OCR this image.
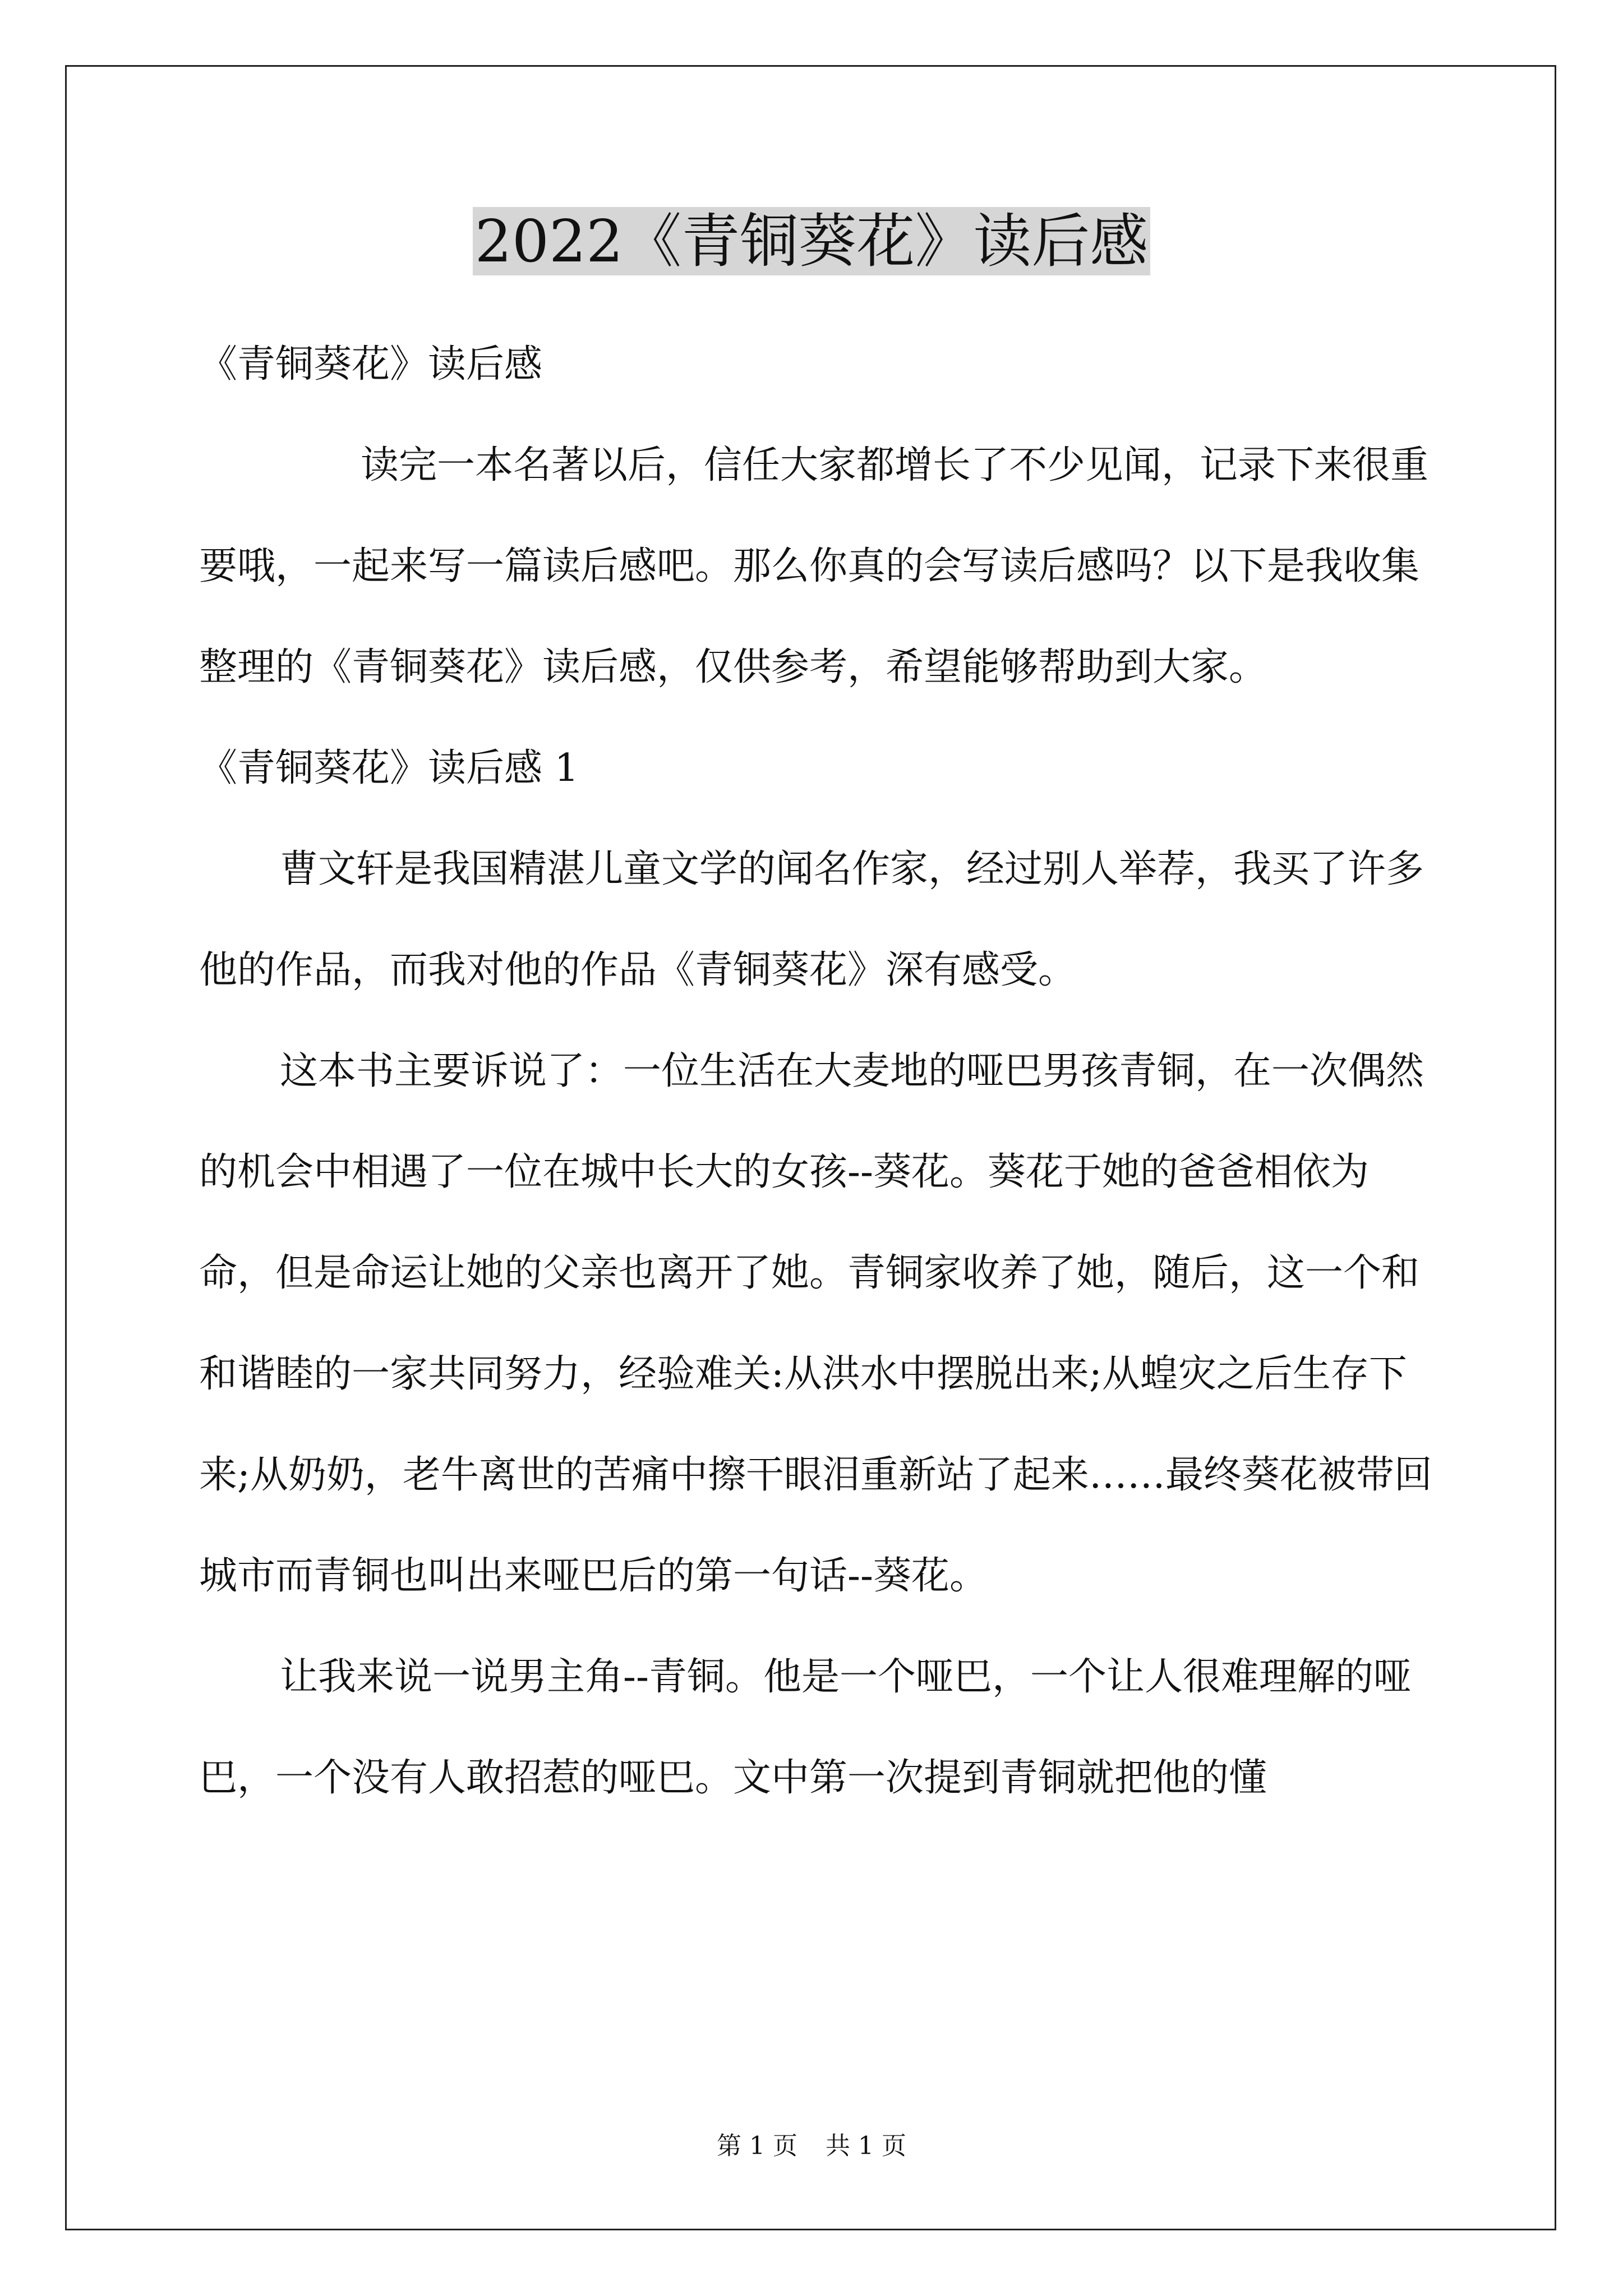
2022《青铜葵花》读后感

《青铜葵花》读后感

读完一本名著以后，信任大家都增长了不少见闻，记录下来很重要哦，一起来写一篇读后感吧。那么你真的会写读后感吗？以下是我收集整理的《青铜葵花》读后感，仅供参考，希望能够帮助到大家。

《青铜葵花》读后感 1

曹文轩是我国精湛儿童文学的闻名作家，经过别人举荐，我买了许多他的作品，而我对他的作品《青铜葵花》深有感受。

这本书主要诉说了：一位生活在大麦地的哑巴男孩青铜，在一次偶然的机会中相遇了一位在城中长大的女孩--葵花。葵花于她的爸爸相依为命，但是命运让她的父亲也离开了她。青铜家收养了她，随后，这一个和和谐睦的一家共同努力，经验难关:从洪水中摆脱出来;从蝗灾之后生存下来;从奶奶，老牛离世的苦痛中擦干眼泪重新站了起来……最终葵花被带回城市而青铜也叫出来哑巴后的第一句话--葵花。

让我来说一说男主角--青铜。他是一个哑巴，一个让人很难理解的哑巴，一个没有人敢招惹的哑巴。文中第一次提到青铜就把他的懂

第 1 页 共 1 页
